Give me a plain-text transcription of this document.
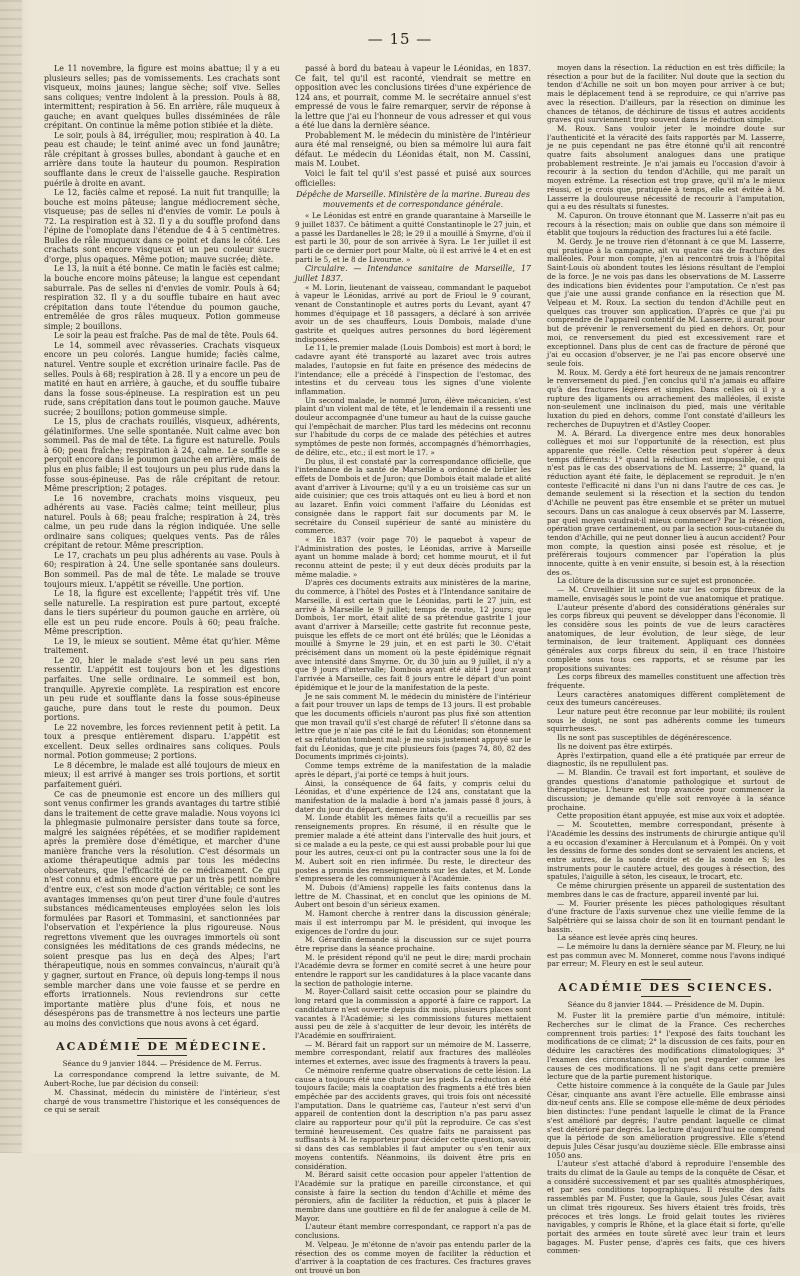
— 15 —

Le 11 novembre, la figure est moins abattue; il y a eu plusieurs selles; pas de vomissements. Les crachats sont visqueux, moins jaunes; langue sèche; soif vive. Selles sans coliques; ventre indolent à la pression. Pouls à 88, intermittent; respiration à 56. En arrière, râle muqueux à gauche; en avant quelques bulles disséminées de râle crépitant. On continue la même potion stibiée et la diète.

Le soir, pouls à 84, irrégulier, mou; respiration à 40. La peau est chaude; le teint animé avec un fond jaunâtre; râle crépitant à grosses bulles, abondant à gauche et en arrière dans toute la hauteur du poumon. Respiration soufflante dans le creux de l'aisselle gauche. Respiration puérile à droite en avant.

Le 12, faciès calme et reposé. La nuit fut tranquille; la bouche est moins pâteuse; langue médiocrement sèche, visqueuse; pas de selles ni d'envies de vomir. Le pouls à 72. La respiration est à 32. Il y a du souffle profond dans l'épine de l'omoplate dans l'étendue de 4 à 5 centimètres. Bulles de râle muqueux dans ce point et dans le côté. Les crachats sont encore visqueux et un peu couleur sucre d'orge, plus opaques. Même potion; mauve sucrée; diète.

Le 13, la nuit a été bonne. Ce matin le faciès est calme; la bouche encore moins pâteuse; la langue est cependant saburrale. Pas de selles ni d'envies de vomir. Pouls à 64; respiration 32. Il y a du souffle tubaire en haut avec crépitation dans toute l'étendue du poumon gauche, entremêlée de gros râles muqueux. Potion gommeuse simple; 2 bouillons.

Le soir la peau est fraîche. Pas de mal de tête. Pouls 64.

Le 14, sommeil avec rêvasseries. Crachats visqueux encore un peu colorés. Langue humide; faciès calme, naturel. Ventre souple et excrétion urinaire facile. Pas de selles. Pouls à 68; respiration à 28. Il y a encore un peu de matité en haut en arrière, à gauche, et du souffle tubaire dans la fosse sous-épineuse. La respiration est un peu rude, sans crépitation dans tout le poumon gauche. Mauve sucrée; 2 bouillons; potion gommeuse simple.

Le 15, plus de crachats rouillés, visqueux, adhérents, gélatiniformes. Une selle spontanée. Nuit calme avec bon sommeil. Pas de mal de tête. La figure est naturelle. Pouls à 60; peau fraîche; respiration à 24, calme. Le souffle se perçoit encore dans le poumon gauche en arrière, mais de plus en plus faible; il est toujours un peu plus rude dans la fosse sous-épineuse. Pas de râle crépitant de retour. Même prescription; 2 potages.

Le 16 novembre, crachats moins visqueux, peu adhérents au vase. Faciès calme; teint meilleur, plus naturel. Pouls à 68; peau fraîche; respiration à 24, très calme, un peu rude dans la région indiquée. Une selle ordinaire sans coliques; quelques vents. Pas de râles crépitant de retour. Même prescription.

Le 17, crachats un peu plus adhérents au vase. Pouls à 60; respiration à 24. Une selle spontanée sans douleurs. Bon sommeil. Pas de mal de tête. Le malade se trouve toujours mieux. L'appétit se réveille. Une portion.

Le 18, la figure est excellente; l'appétit très vif. Une selle naturelle. La respiration est pure partout, excepté dans le tiers supérieur du poumon gauche en arrière, où elle est un peu rude encore. Pouls à 60; peau fraîche. Même prescription.

Le 19, le mieux se soutient. Même état qu'hier. Même traitement.

Le 20, hier le malade s'est levé un peu sans rien ressentir. L'appétit est toujours bon et les digestions parfaites. Une selle ordinaire. Le sommeil est bon, tranquille. Apyrexie complète. La respiration est encore un peu rude et soufflante dans la fosse sous-épineuse gauche, pure dans tout le reste du poumon. Deux portions.

Le 22 novembre, les forces reviennent petit à petit. La toux a presque entièrement disparu. L'appétit est excellent. Deux selles ordinaires sans coliques. Pouls normal. Potion gommeuse; 2 portions.

Le 8 décembre, le malade est allé toujours de mieux en mieux; il est arrivé à manger ses trois portions, et sortit parfaitement guéri.

Ce cas de pneumonie est encore un des milliers qui sont venus confirmer les grands avantages du tartre stibié dans le traitement de cette grave maladie. Nous voyons ici la phlegmasie pulmonaire persister dans toute sa force, malgré les saignées répétées, et se modifier rapidement après la première dose d'émétique, et marcher d'une manière franche vers la résolution. C'est désormais un axiome thérapeutique admis par tous les médecins observateurs, que l'efficacité de ce médicament. Ce qui n'est connu et admis encore que par un très petit nombre d'entre eux, c'est son mode d'action véritable; ce sont les avantages immenses qu'on peut tirer d'une foule d'autres substances médicamenteuses employées selon les lois formulées par Rasori et Tommasini, et sanctionnées par l'observation et l'expérience la plus rigoureuse. Nous regrettons vivement que les ouvrages immortels où sont consignées les méditations de ces grands médecins, ne soient presque pas lus en deçà des Alpes; l'art thérapeutique, nous en sommes convaincus, n'aurait qu'à y gagner, surtout en France, où depuis long-temps il nous semble marcher dans une voie fausse et se perdre en efforts irrationnels. Nous reviendrons sur cette importante matière plus d'une fois, et nous ne désespérons pas de transmettre à nos lecteurs une partie au moins des convictions que nous avons à cet égard.

ACADÉMIE DE MÉDECINE.

Séance du 9 janvier 1844. — Présidence de M. Ferrus.

La correspondance comprend la lettre suivante, de M. Aubert-Roche, lue par décision du conseil:

M. Chassinat, médecin du ministère de l'intérieur, s'est chargé de vous transmettre l'historique et les conséquences de ce qui se serait

passé à bord du bateau à vapeur le Léonidas, en 1837. Ce fait, tel qu'il est raconté, viendrait se mettre en opposition avec les conclusions tirées d'une expérience de 124 ans, et pourrait, comme M. le secrétaire annuel s'est empressé de vous le faire remarquer, servir de réponse à la lettre que j'ai eu l'honneur de vous adresser et qui vous a été lue dans la dernière séance.

Probablement M. le médecin du ministère de l'intérieur aura été mal renseigné, ou bien sa mémoire lui aura fait défaut. Le médecin du Léonidas était, non M. Cassini, mais M. Loubet.

Voici le fait tel qu'il s'est passé et puisé aux sources officielles:

Dépêche de Marseille. Ministère de la marine. Bureau des mouvements et de correspondance générale.

« Le Léonidas est entré en grande quarantaine à Marseille le 9 juillet 1837. Ce bâtiment a quitté Constantinople le 27 juin, et a passé les Dardanelles le 28; le 29 il a mouillé à Smyrne, d'où il est parti le 30, pour de son arrivée à Syra. Le 1er juillet il est parti de ce dernier port pour Malte, où il est arrivé le 4 et en est parti le 5, et le 8 de Livourne. »

Circulaire. — Intendance sanitaire de Marseille, 17 juillet 1837.

« M. Lorin, lieutenant de vaisseau, commandant le paquebot à vapeur le Léonidas, arrivé au port de Frioul le 9 courant, venant de Constantinople et autres ports du Levant, ayant 47 hommes d'équipage et 18 passagers, a déclaré à son arrivée avoir un de ses chauffeurs, Louis Dombois, malade d'une gastrite et quelques autres personnes du bord légèrement indisposées.

Le 11, le premier malade (Louis Dombois) est mort à bord; le cadavre ayant été transporté au lazaret avec trois autres malades, l'autopsie en fut faite en présence des médecins de l'intendance; elle a précédé à l'inspection de l'estomac, des intestins et du cerveau tous les signes d'une violente inflammation.

Un second malade, le nommé Juron, élève mécanicien, s'est plaint d'un violent mal de tête, et le lendemain il a ressenti une douleur accompagnée d'une tumeur au haut de la cuisse gauche qui l'empêchait de marcher. Plus tard les médecins ont reconnu sur l'habitude du corps de ce malade des pétéchies et autres symptômes de peste non formés, accompagnés d'hémorrhagies, de délire, etc., etc.; il est mort le 17. »

Du plus, il est constaté par la correspondance officielle, que l'intendance de la santé de Marseille a ordonné de brûler les effets de Dombois et de Juron; que Dombois était malade et alité avant d'arriver à Livourne; qu'il y a eu un troisième cas sur un aide cuisinier; que ces trois attaqués ont eu lieu à bord et non au lazaret. Enfin voici comment l'affaire du Léonidas est consignée dans le rapport fait sur documents par M. le secrétaire du Conseil supérieur de santé au ministère du commerce.

« En 1837 (voir page 70) le paquebot à vapeur de l'Administration des postes, le Léonidas, arrive à Marseille ayant un homme malade à bord; cet homme mourut, et il fut reconnu atteint de peste; il y eut deux décès produits par la même maladie. »

D'après ces documents extraits aux ministères de la marine, du commerce, à l'hôtel des Postes et à l'Intendance sanitaire de Marseille, il est certain que le Léonidas, parti le 27 juin, est arrivé à Marseille le 9 juillet; temps de route, 12 jours; que Dombois, 1er mort, était alité de sa prétendue gastrite 1 jour avant d'arriver à Marseille; cette gastrite fut reconnue peste, puisque les effets de ce mort ont été brûlés; que le Léonidas a mouillé à Smyrne le 29 juin, et en est parti le 30. C'était précisément dans un moment où la peste épidémique régnait avec intensité dans Smyrne. Or, du 30 juin au 9 juillet, il n'y a que 9 jours d'intervalle; Dombois ayant été alité 1 jour avant l'arrivée à Marseille, ces fait 8 jours entre le départ d'un point épidémique et le jour de la manifestation de la peste.

Je ne sais comment M. le médecin du ministère de l'intérieur a fait pour trouver un laps de temps de 13 jours. Il est probable que les documents officiels n'auront pas plus fixé son attention que mon travail qu'il s'est chargé de réfuter! Il s'étonne dans sa lettre que je n'aie pas cité le fait du Léonidas; son étonnement et sa réfutation tombent mal: je me suis justement appuyé sur le fait du Léonidas, que je cite plusieurs fois (pages 74, 80, 82 des Documents imprimés ci-joints).

Comme temps extrême de la manifestation de la maladie après le départ, j'ai porté ce temps à huit jours.

Ainsi, la conséquence de 64 faits, y compris celui du Léonidas, et d'une expérience de 124 ans, constatant que la manifestation de la maladie à bord n'a jamais passé 8 jours, à dater du jour du départ, demeure intacte.

M. Londe établit les mêmes faits qu'il a recueillis par ses renseignements propres. En résumé, il en résulte que le premier malade a été atteint dans l'intervalle des huit jours, et si ce malade a eu la peste, ce qui est aussi probable pour lui que pour les autres, ceux-ci ont pu la contracter sous une la foi de M. Aubert soit en rien infirmée. Du reste, le directeur des postes a promis des renseignements sur les dates, et M. Londe s'empressera de les communiquer à l'Académie.

M. Dubois (d'Amiens) rappelle les faits contenus dans la lettre de M. Chassinat, et en conclut que les opinions de M. Aubert ont besoin d'un sérieux examen.

M. Hamont cherche à rentrer dans la discussion générale; mais il est interrompu par M. le président, qui invoque les exigences de l'ordre du jour.

M. Gérardin demande si la discussion sur ce sujet pourra être reprise dans la séance prochaine.

M. le président répond qu'il ne peut le dire; mardi prochain l'Académie devra se former en comité secret à une heure pour entendre le rapport sur les candidatures à la place vacante dans la section de pathologie interne.

M. Royer-Collard saisit cette occasion pour se plaindre du long retard que la commission a apporté à faire ce rapport. La candidature n'est ouverte depuis dix mois, plusieurs places sont vacantes à l'Académie; si les commissions futures mettaient aussi peu de zèle à s'acquitter de leur devoir, les intérêts de l'Académie en souffriraient.

— M. Bérard fait un rapport sur un mémoire de M. Lasserre, membre correspondant, relatif aux fractures des malléoles internes et externes, avec issue des fragments à travers la peau.

Ce mémoire renferme quatre observations de cette lésion. La cause a toujours été une chute sur les pieds. La réduction a été toujours facile; mais la coaptation des fragments a été très bien empêchée par des accidents graves, qui trois fois ont nécessité l'amputation. Dans le quatrième cas, l'auteur n'est servi d'un appareil de contention dont la description n'a pas paru assez claire au rapporteur pour qu'il pût la reproduire. Ce cas s'est terminé heureusement. Ces quatre faits ne paraissent pas suffisants à M. le rapporteur pour décider cette question, savoir, si dans des cas semblables il faut amputer ou s'en tenir aux moyens contentifs. Néanmoins, ils doivent être pris en considération.

M. Bérard saisit cette occasion pour appeler l'attention de l'Académie sur la pratique en pareille circonstance, et qui consiste à faire la section du tendon d'Achille et même des péroniers, afin de faciliter la réduction, et puis à placer le membre dans une gouttière en fil de fer analogue à celle de M. Mayor.

L'auteur étant membre correspondant, ce rapport n'a pas de conclusions.

M. Velpeau. Je m'étonne de n'avoir pas entendu parler de la résection des os comme moyen de faciliter la réduction et d'arriver à la coaptation de ces fractures. Ces fractures graves ont trouvé un bon

moyen dans la résection. La réduction en est très difficile; la résection a pour but de la faciliter. Nul doute que la section du tendon d'Achille ne soit un bon moyen pour arriver à ce but; mais le déplacement tend à se reproduire, ce qui n'arrive pas avec la résection. D'ailleurs, par la résection on diminue les chances de tétanos, de déchirure de tissus et autres accidents graves qui surviennent trop souvent dans le réduction simple.

M. Roux. Sans vouloir jeter le moindre doute sur l'authenticité et la véracité des faits rapportés par M. Lasserre, je ne puis cependant ne pas être étonné qu'il ait rencontré quatre faits absolument analogues dans une pratique probablement restreinte. Je n'ai jamais eu l'occasion d'avoir à recourir à la section du tendon d'Achille, qui me paraît un moyen extrême. La résection est trop grave, qu'il m'a le mieux réussi, et je crois que, pratiquée à temps, elle est évitée à M. Lasserre la douloureuse nécessité de recourir à l'amputation, qui a eu des résultats si funestes.

M. Capuron. On trouve étonnant que M. Lasserre n'ait pas eu recours à la résection; mais on oublie que dans son mémoire il établit que toujours la réduction des fractures lui a été facile.

M. Gerdy. Je ne trouve rien d'étonnant à ce que M. Lasserre, qui pratique à la campagne, ait vu quatre cas de fracture des malléoles. Pour mon compte, j'en ai rencontré trois à l'hôpital Saint-Louis où abondent toutes les lésions résultant de l'emploi de la force. Je ne vois pas dans les observations de M. Lasserre des indications bien évidentes pour l'amputation. Ce n'est pas que j'aie une aussi grande confiance en la résection que M. Velpeau et M. Roux. La section du tendon d'Achille peut en quelques cas trouver son application. D'après ce que j'ai pu comprendre de l'appareil contentif de M. Lasserre, il aurait pour but de prévenir le renversement du pied en dehors. Or, pour moi, ce renversement du pied est excessivement rare et exceptionnel. Dans plus de cent cas de fracture de péroné que j'ai eu occasion d'observer, je ne l'ai pas encore observé une seule fois.

M. Roux. M. Gerdy a été fort heureux de ne jamais rencontrer le renversement du pied. J'en conclus qu'il n'a jamais eu affaire qu'à des fractures légères et simples. Dans celles où il y a rupture des ligaments ou arrachement des malléoles, il existe non-seulement une inclinaison du pied, mais une véritable luxation du pied en dehors, comme l'ont constaté d'ailleurs les recherches de Dupuytren et d'Astley Cooper.

M. A. Bérard. La divergence entre mes deux honorables collègues et moi sur l'opportunité de la résection, est plus apparente que réelle. Cette résection peut s'opérer à deux temps différents: 1° quand la réduction est impossible, ce qui n'est pas le cas des observations de M. Lasserre; 2° quand, la réduction ayant été faite, le déplacement se reproduit. Je n'en conteste l'efficacité ni dans l'un ni dans l'autre de ces cas. Je demande seulement si la résection et la section du tendon d'Achille ne peuvent pas être ensemble et se prêter un mutuel secours. Dans un cas analogue à ceux observés par M. Lasserre, par quel moyen vaudrait-il mieux commencer? Par la résection, opération grave certainement, ou par la section sous-cutanée du tendon d'Achille, qui ne peut donner lieu à aucun accident? Pour mon compte, la question ainsi posée est résolue, et je préférerais toujours commencer par l'opération la plus innocente, quitte à en venir ensuite, si besoin est, à la résection des os.

La clôture de la discussion sur ce sujet est prononcée.

— M. Cruveilhier lit une note sur les corps fibreux de la mamelle, envisagés sous le point de vue anatomique et pratique.

L'auteur présente d'abord des considérations générales sur les corps fibreux qui peuvent se développer dans l'économie. Il les considère sous les points de vue de leurs caractères anatomiques, de leur évolution, de leur siège, de leur terminaison, de leur traitement. Appliquant ces données générales aux corps fibreux du sein, il en trace l'histoire complète sous tous ces rapports, et se résume par les propositions suivantes:

Les corps fibreux des mamelles constituent une affection très fréquente.

Leurs caractères anatomiques diffèrent complètement de ceux des tumeurs cancéreuses.

Leur nature peut être reconnue par leur mobilité; ils roulent sous le doigt, ne sont pas adhérents comme les tumeurs squirrheuses.

Ils ne sont pas susceptibles de dégénérescence.

Ils ne doivent pas être extirpés.

Après l'extirpation, quand elle a été pratiquée par erreur de diagnostic, ils ne repullulent pas.

— M. Blandin. Ce travail est fort important, et soulève de grandes questions d'anatomie pathologique et surtout de thérapeutique. L'heure est trop avancée pour commencer la discussion; je demande qu'elle soit renvoyée à la séance prochaine.

Cette proposition étant appuyée, est mise aux voix et adoptée.

— M. Scoutetten, membre correspondant, présente à l'Académie les dessins des instruments de chirurgie antique qu'il a eu occasion d'examiner à Herculanum et à Pompéi. On y voit les dessins de forme des sondes dont se servaient les anciens, et entre autres, de la sonde droite et de la sonde en S; les instruments pour le cautère actuel, des gouges à résection, des spatules, l'aiguille à séton, les ciseaux, le trocart, etc.

Ce même chirurgien présente un appareil de sustentation des membres dans le cas de fracture, appareil inventé par lui.

— M. Fourier présente les pièces pathologiques résultant d'une fracture de l'axis survenue chez une vieille femme de la Salpêtrière qui se laissa choir de son lit en tournant pendant le bassin.

La séance est levée après cinq heures.

— Le mémoire lu dans la dernière séance par M. Fleury, ne lui est pas commun avec M. Monneret, comme nous l'avons indiqué par erreur; M. Fleury en est le seul auteur.

ACADÉMIE DES SCIENCES.

Séance du 8 janvier 1844. — Présidence de M. Dupin.

M. Fuster lit la première partie d'un mémoire, intitulé: Recherches sur le climat de la France. Ces recherches comprennent trois parties: 1° l'exposé des faits touchant les modifications de ce climat; 2° la discussion de ces faits, pour en déduire les caractères des modifications climatologiques; 3° l'examen des circonstances qu'on peut regarder comme les causes de ces modifications. Il ne s'agit dans cette première lecture que de la partie purement historique.

Cette histoire commence à la conquête de la Gaule par Jules César, cinquante ans avant l'ère actuelle. Elle embrasse ainsi dix-neuf cents ans. Elle se compose elle-même de deux périodes bien distinctes: l'une pendant laquelle le climat de la France s'est amélioré par degrés; l'autre pendant laquelle ce climat s'est détérioré par degrés. La lecture d'aujourd'hui ne comprend que la période de son amélioration progressive. Elle s'étend depuis Jules César jusqu'au douzième siècle. Elle embrasse ainsi 1050 ans.

L'auteur s'est attaché d'abord à reproduire l'ensemble des traits du climat de la Gaule au temps de la conquête de César, et a considéré successivement et par ses qualités atmosphériques, et par ses conditions topographiques. Il résulte des faits rassemblés par M. Fuster, que la Gaule, sous Jules César, avait un climat très rigoureux. Ses hivers étaient très froids, très précoces et très longs. Le froid gelait toutes les rivières navigables, y compris le Rhône, et la glace était si forte, qu'elle portait des armées en toute sûreté avec leur train et leurs bagages. M. Fuster pense, d'après ces faits, que ces hivers commen-
